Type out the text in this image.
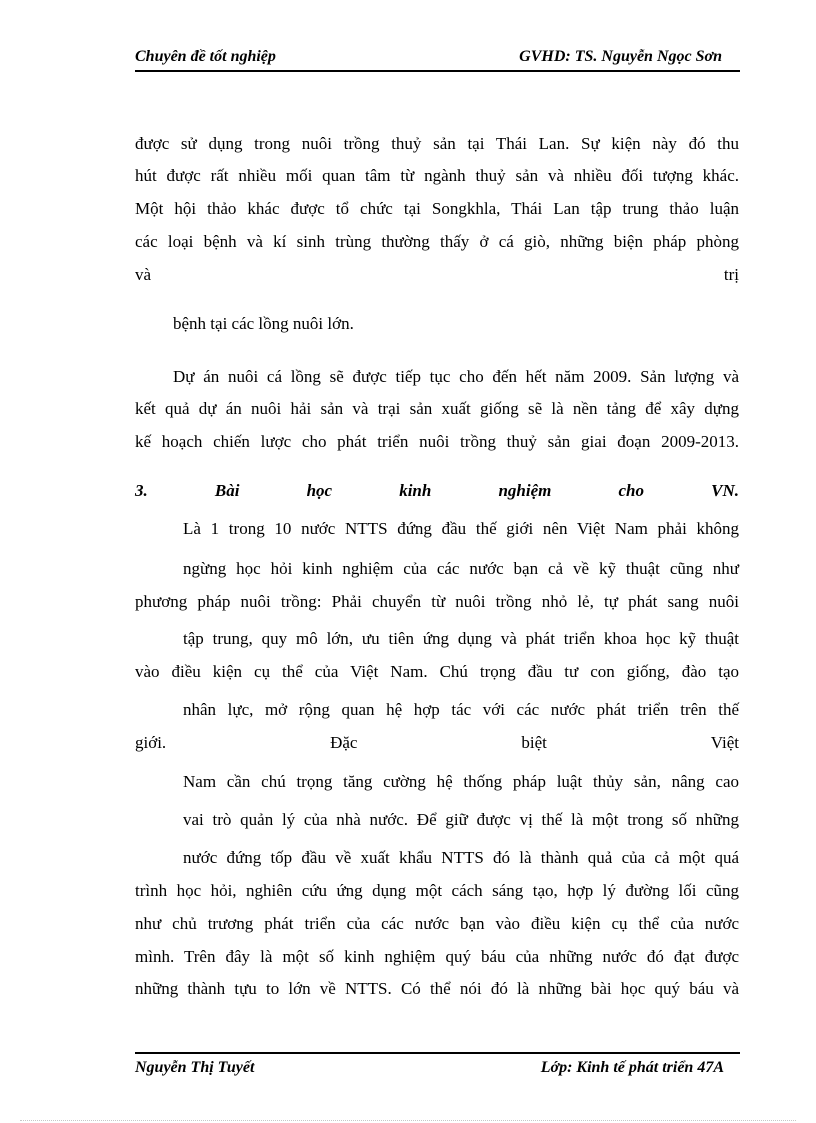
Chuyên đề tốt nghiệp	GVHD: TS. Nguyễn Ngọc Sơn
được sử dụng trong nuôi trồng thuỷ sản tại Thái Lan. Sự kiện này đó thu
hút được rất nhiều mối quan tâm từ ngành thuỷ sản và nhiều đối tượng khác.
Một hội thảo khác được tổ chức tại Songkhla, Thái Lan tập trung thảo luận
các loại bệnh và kí sinh trùng thường thấy ở cá giò, những biện pháp phòng
và	trị
bệnh tại các lồng nuôi lớn.
Dự án nuôi cá lồng sẽ được tiếp tục cho đến hết năm 2009. Sản lượng và
kết quả dự án nuôi hải sản và trại sản xuất giống sẽ là nền tảng để xây dựng
kế hoạch chiến lược cho phát triển nuôi trồng thuỷ sản giai đoạn 2009-2013.
3.	Bài	học	kinh	nghiệm	cho	VN.
Là 1 trong 10 nước NTTS đứng đầu thế giới nên Việt Nam phải không
ngừng học hỏi kinh nghiệm của các nước bạn cả về kỹ thuật cũng như
phương pháp nuôi trồng: Phải chuyển từ nuôi trồng nhỏ lẻ, tự phát sang nuôi
tập trung, quy mô lớn, ưu tiên ứng dụng và phát triển khoa học kỹ thuật
vào điều kiện cụ thể của Việt Nam. Chú trọng đầu tư con giống, đào tạo
nhân lực, mở rộng quan hệ hợp tác với các nước phát triển trên thế
giới.	Đặc	biệt	Việt
Nam cần chú trọng tăng cường hệ thống pháp luật thủy sản, nâng cao
vai trò quản lý của nhà nước. Để giữ được vị thế là một trong số những
nước đứng tốp đầu về xuất khẩu NTTS đó là thành quả của cả một quá
trình học hỏi, nghiên cứu ứng dụng một cách sáng tạo, hợp lý đường lối cũng
như chủ trương phát triển của các nước bạn vào điều kiện cụ thể của nước
mình. Trên đây là một số kinh nghiệm quý báu của những nước đó đạt được
những thành tựu to lớn về NTTS. Có thể nói đó là những bài học quý báu và
Nguyễn Thị Tuyết	Lớp: Kinh tế phát triển 47A
